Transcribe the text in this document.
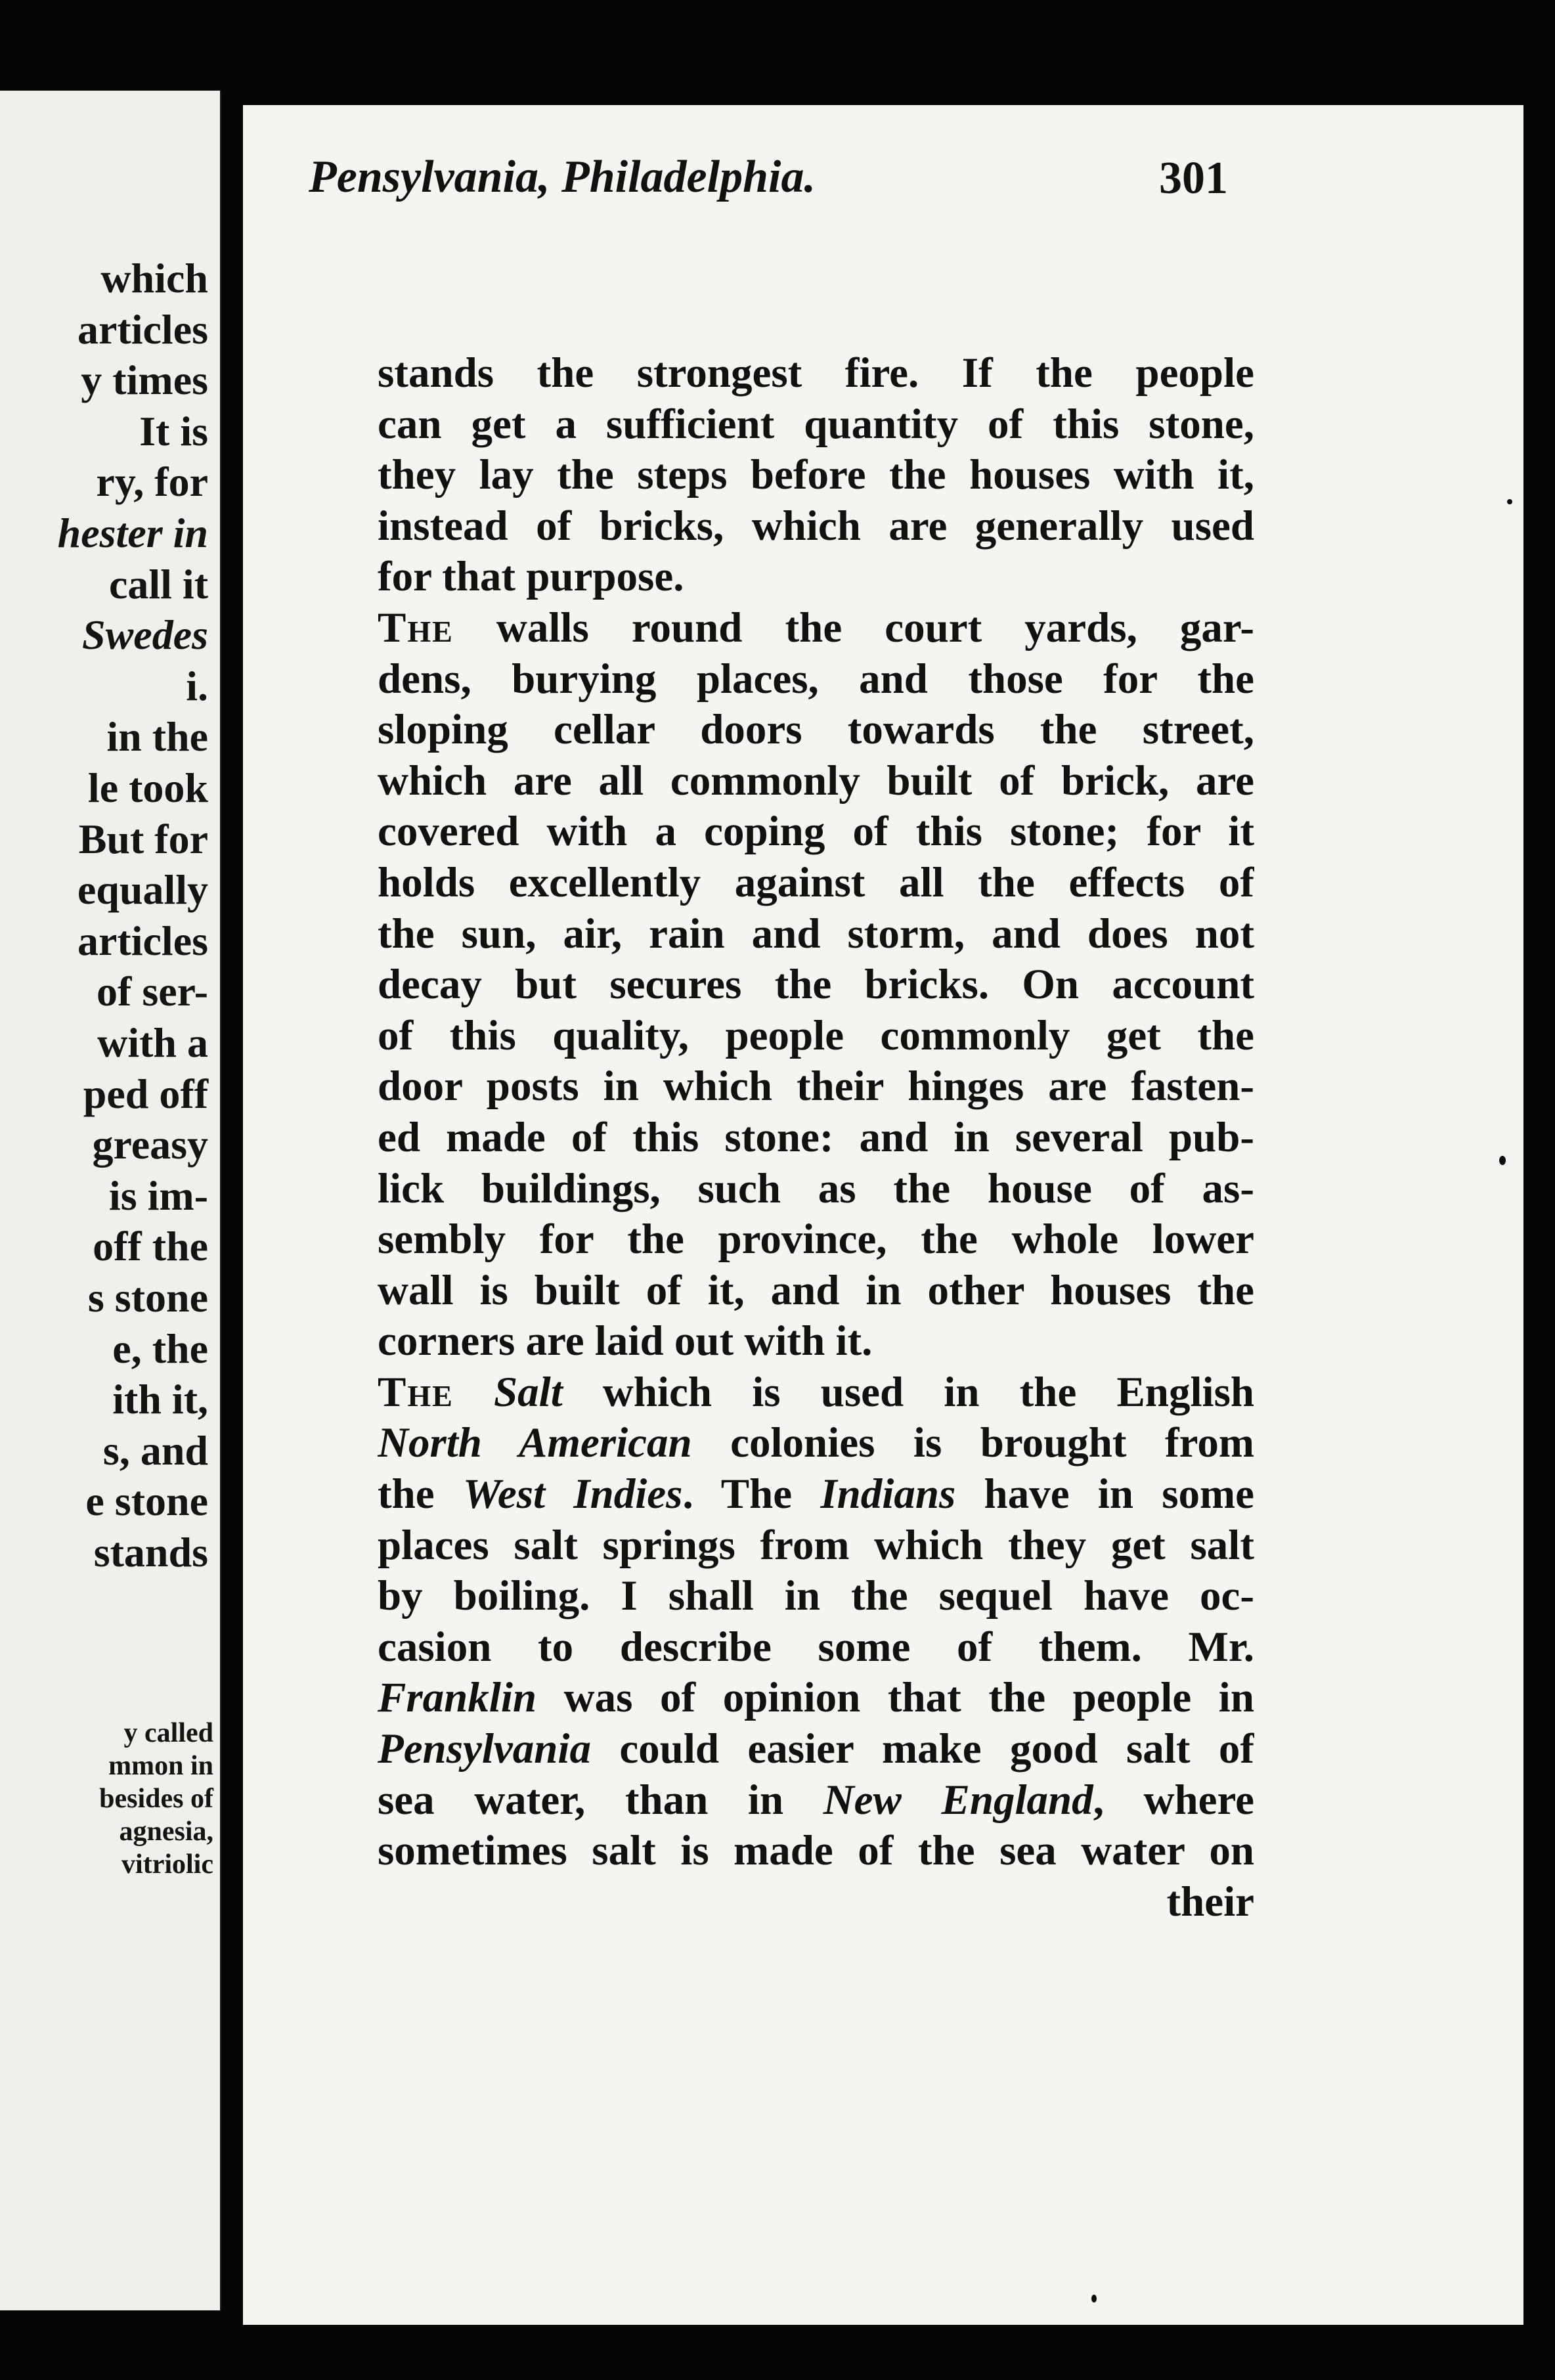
which
articles
y times
It is
ry, for
hester in
call it
Swedes
i.
in the
le took
But for
equally
articles
of ser-
with a
ped off
greasy
is im-
off the
s stone
e, the
ith it,
s, and
e stone
stands
y called
mmon in
besides of
agnesia,
vitriolic
Pensylvania, Philadelphia.	301
stands the strongest fire. If the people
can get a sufficient quantity of this stone,
they lay the steps before the houses with it,
instead of bricks, which are generally used
for that purpose.
The walls round the court yards, gar-
dens, burying places, and those for the
sloping cellar doors towards the street,
which are all commonly built of brick, are
covered with a coping of this stone; for it
holds excellently against all the effects of
the sun, air, rain and storm, and does not
decay but secures the bricks. On account
of this quality, people commonly get the
door posts in which their hinges are fasten-
ed made of this stone: and in several pub-
lick buildings, such as the house of as-
sembly for the province, the whole lower
wall is built of it, and in other houses the
corners are laid out with it.
The Salt which is used in the English
North American colonies is brought from
the West Indies. The Indians have in some
places salt springs from which they get salt
by boiling. I shall in the sequel have oc-
casion to describe some of them. Mr.
Franklin was of opinion that the people in
Pensylvania could easier make good salt of
sea water, than in New England, where
sometimes salt is made of the sea water on
their
